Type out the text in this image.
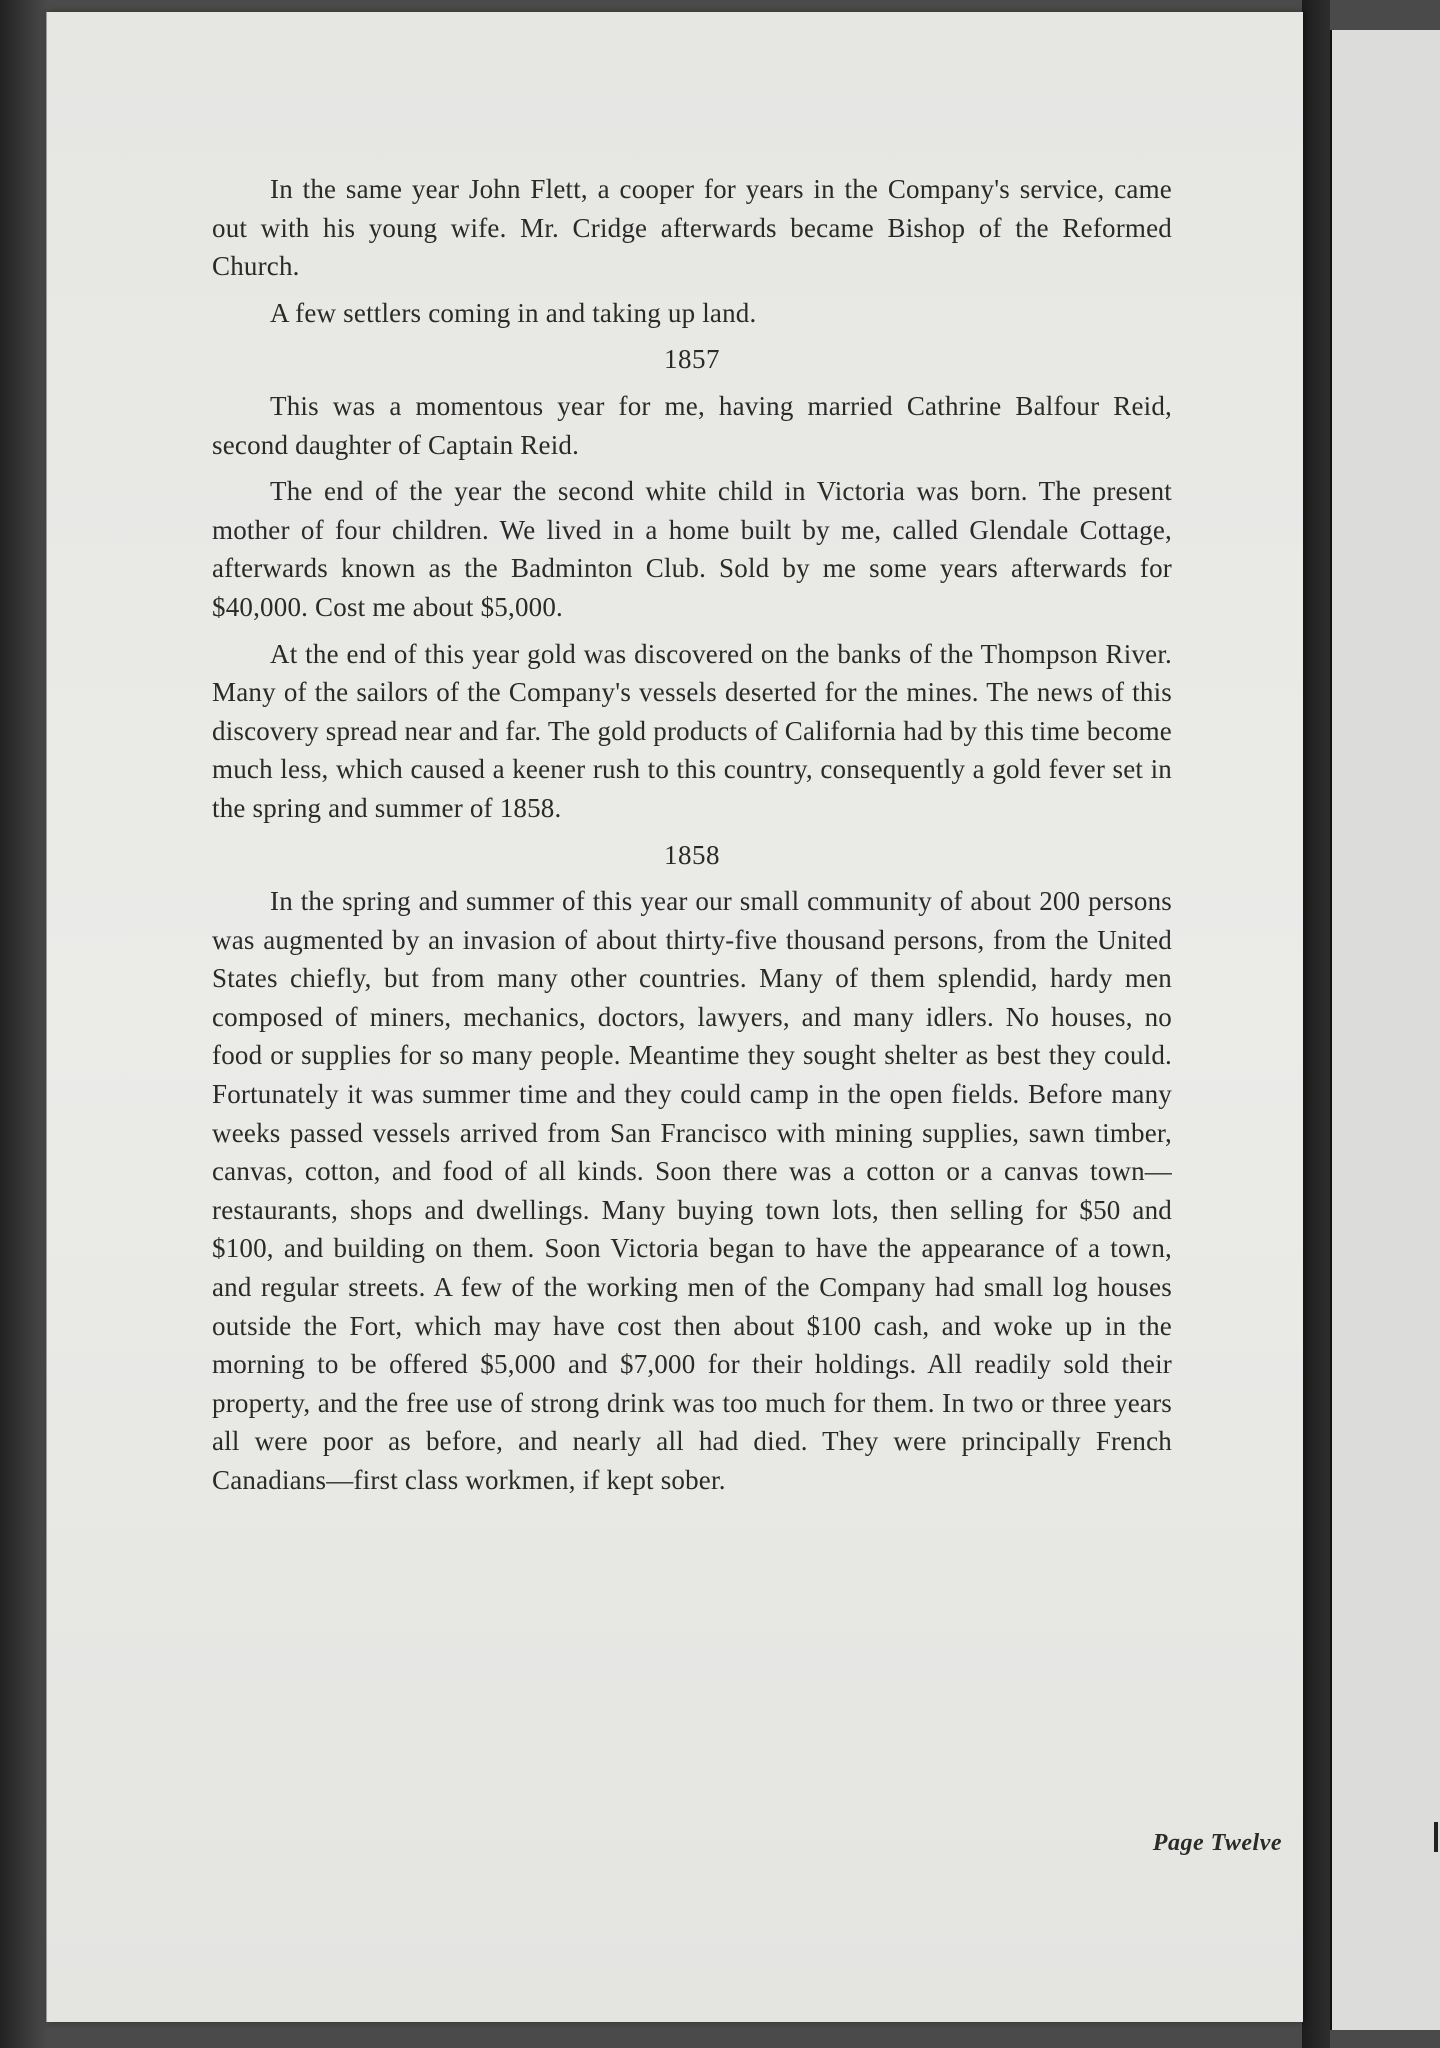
In the same year John Flett, a cooper for years in the Company's service, came out with his young wife. Mr. Cridge afterwards became Bishop of the Reformed Church.

A few settlers coming in and taking up land.

1857

This was a momentous year for me, having married Cathrine Balfour Reid, second daughter of Captain Reid.

The end of the year the second white child in Victoria was born. The present mother of four children. We lived in a home built by me, called Glendale Cottage, afterwards known as the Badminton Club. Sold by me some years afterwards for $40,000. Cost me about $5,000.

At the end of this year gold was discovered on the banks of the Thompson River. Many of the sailors of the Company's vessels deserted for the mines. The news of this discovery spread near and far. The gold products of California had by this time become much less, which caused a keener rush to this country, consequently a gold fever set in the spring and summer of 1858.

1858

In the spring and summer of this year our small community of about 200 persons was augmented by an invasion of about thirty-five thousand persons, from the United States chiefly, but from many other countries. Many of them splendid, hardy men composed of miners, mechanics, doctors, lawyers, and many idlers. No houses, no food or supplies for so many people. Meantime they sought shelter as best they could. Fortunately it was summer time and they could camp in the open fields. Before many weeks passed vessels arrived from San Francisco with mining supplies, sawn timber, canvas, cotton, and food of all kinds. Soon there was a cotton or a canvas town—restaurants, shops and dwellings. Many buying town lots, then selling for $50 and $100, and building on them. Soon Victoria began to have the appearance of a town, and regular streets. A few of the working men of the Company had small log houses outside the Fort, which may have cost then about $100 cash, and woke up in the morning to be offered $5,000 and $7,000 for their holdings. All readily sold their property, and the free use of strong drink was too much for them. In two or three years all were poor as before, and nearly all had died. They were principally French Canadians—first class workmen, if kept sober.

Page Twelve
